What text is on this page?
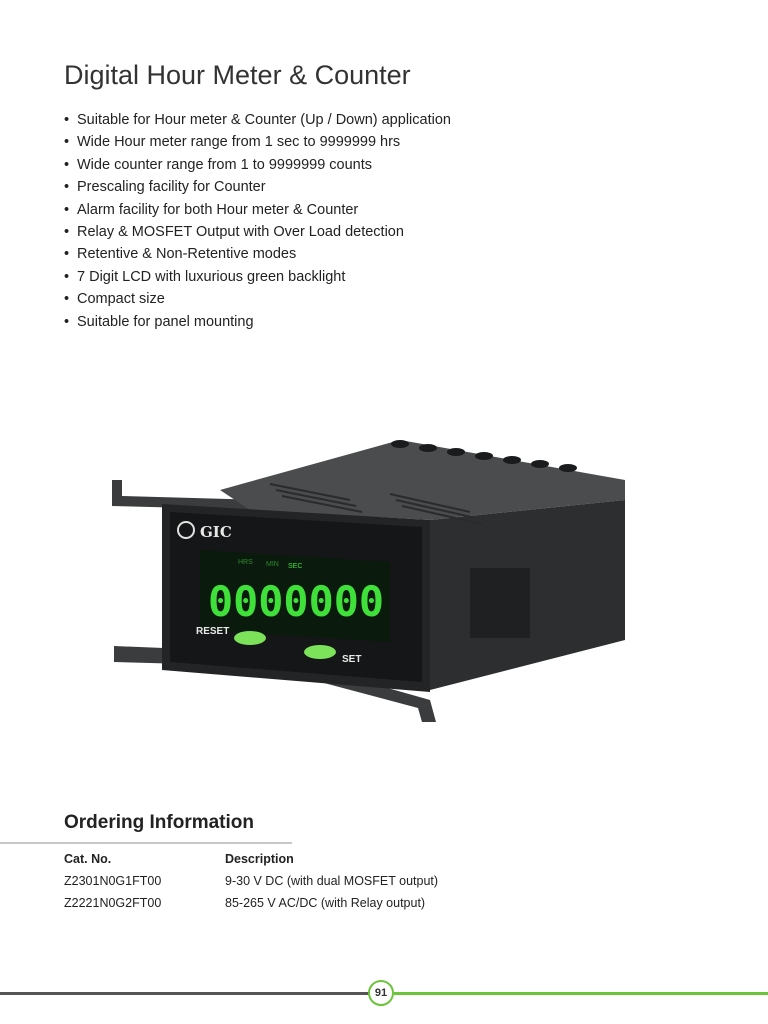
Digital Hour Meter & Counter
• Suitable for Hour meter & Counter (Up / Down) application
• Wide Hour meter range from 1 sec to 9999999 hrs
• Wide counter range from 1 to 9999999 counts
• Prescaling facility for Counter
• Alarm facility for both Hour meter & Counter
• Relay & MOSFET Output with Over Load detection
• Retentive & Non-Retentive modes
• 7 Digit LCD with luxurious green backlight
• Compact size
• Suitable for panel mounting
GIC
HRS MIN SEC
0000000
RESET
SET
Ordering Information
Cat. No.	Description
Z2301N0G1FT00	9-30 V DC (with dual MOSFET output)
Z2221N0G2FT00	85-265 V AC/DC (with Relay output)
91
